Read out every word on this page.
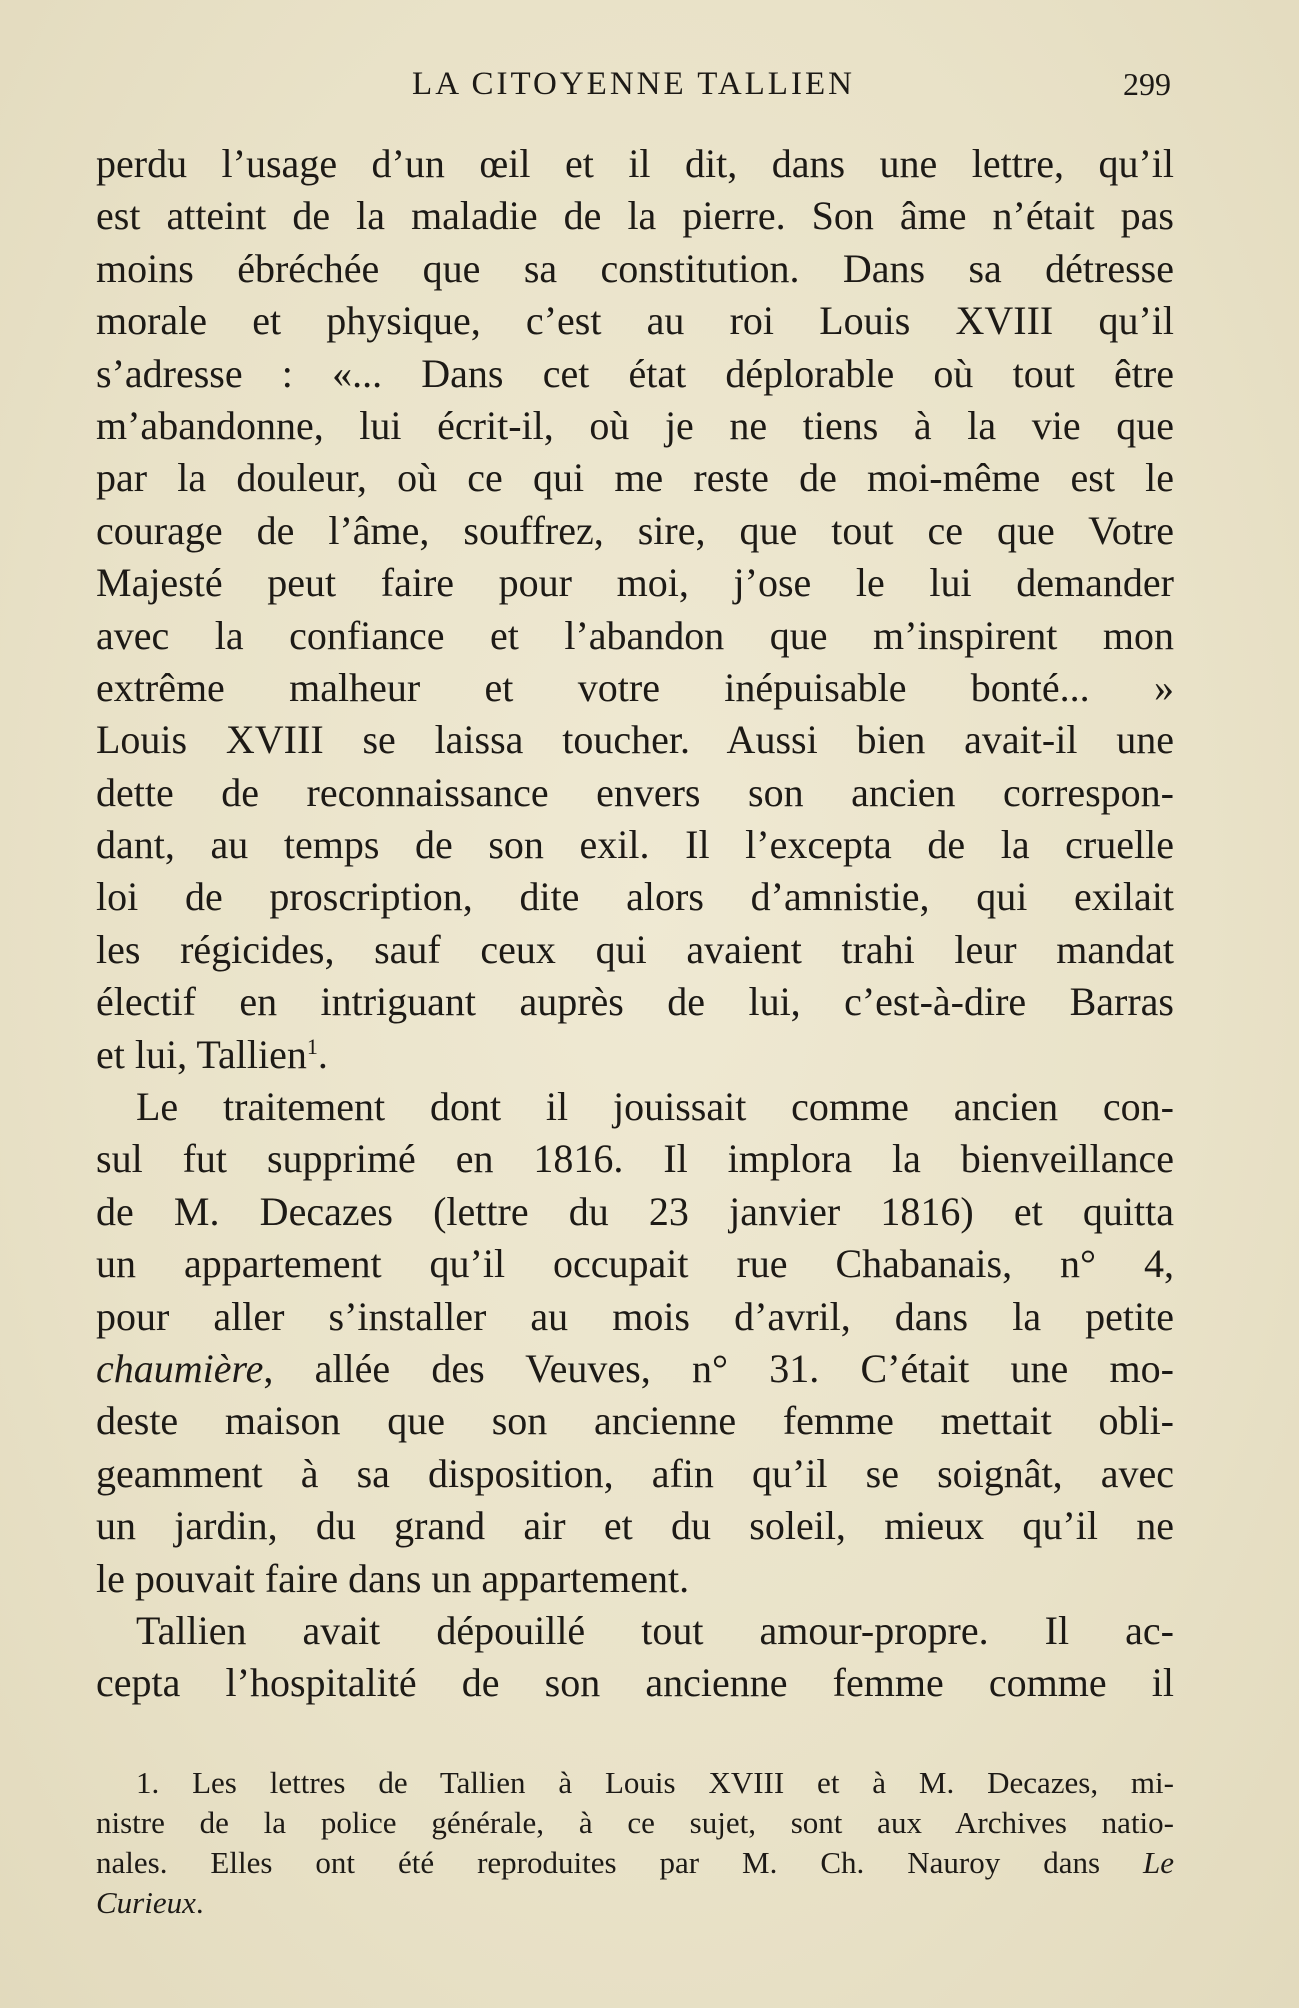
LA CITOYENNE TALLIEN	299
perdu l’usage d’un œil et il dit, dans une lettre, qu’il
est atteint de la maladie de la pierre. Son âme n’était pas
moins ébréchée que sa constitution. Dans sa détresse
morale et physique, c’est au roi Louis XVIII qu’il
s’adresse : «... Dans cet état déplorable où tout être
m’abandonne, lui écrit-il, où je ne tiens à la vie que
par la douleur, où ce qui me reste de moi-même est le
courage de l’âme, souffrez, sire, que tout ce que Votre
Majesté peut faire pour moi, j’ose le lui demander
avec la confiance et l’abandon que m’inspirent mon
extrême malheur et votre inépuisable bonté... »
Louis XVIII se laissa toucher. Aussi bien avait-il une
dette de reconnaissance envers son ancien correspon-
dant, au temps de son exil. Il l’excepta de la cruelle
loi de proscription, dite alors d’amnistie, qui exilait
les régicides, sauf ceux qui avaient trahi leur mandat
électif en intriguant auprès de lui, c’est-à-dire Barras
et lui, Tallien$^1$.
Le traitement dont il jouissait comme ancien con-
sul fut supprimé en 1816. Il implora la bienveillance
de M. Decazes (lettre du 23 janvier 1816) et quitta
un appartement qu’il occupait rue Chabanais, n° 4,
pour aller s’installer au mois d’avril, dans la petite
chaumière, allée des Veuves, n° 31. C’était une mo-
deste maison que son ancienne femme mettait obli-
geamment à sa disposition, afin qu’il se soignât, avec
un jardin, du grand air et du soleil, mieux qu’il ne
le pouvait faire dans un appartement.
Tallien avait dépouillé tout amour-propre. Il ac-
cepta l’hospitalité de son ancienne femme comme il
1. Les lettres de Tallien à Louis XVIII et à M. Decazes, mi-
nistre de la police générale, à ce sujet, sont aux Archives natio-
nales. Elles ont été reproduites par M. Ch. Nauroy dans Le
Curieux.
